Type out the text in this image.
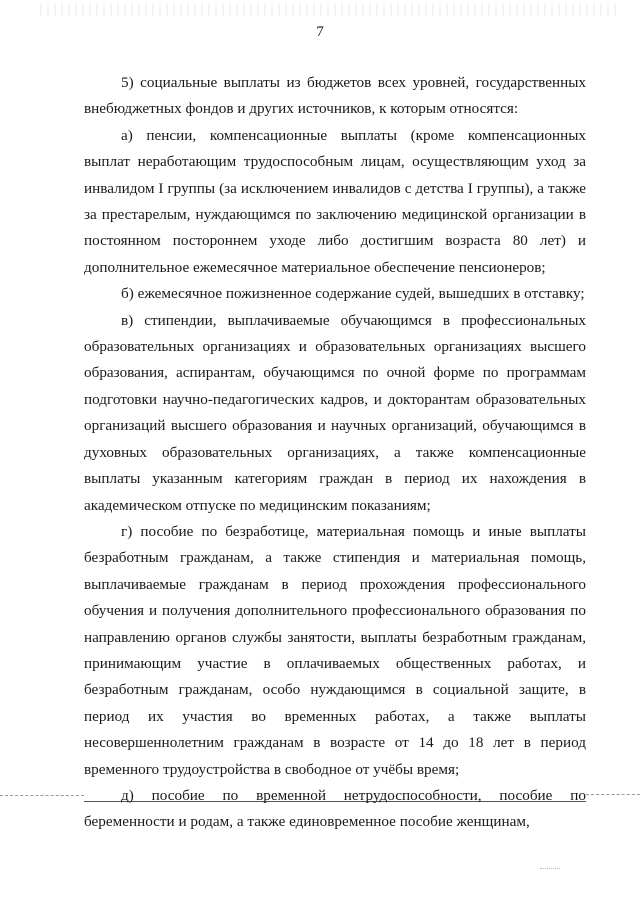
7

5) социальные выплаты из бюджетов всех уровней, государственных внебюджетных фондов и других источников, к которым относятся:

а) пенсии, компенсационные выплаты (кроме компенсационных выплат неработающим трудоспособным лицам, осуществляющим уход за инвалидом I группы (за исключением инвалидов с детства I группы), а также за престарелым, нуждающимся по заключению медицинской организации в постоянном постороннем уходе либо достигшим возраста 80 лет) и дополнительное ежемесячное материальное обеспечение пенсионеров;

б) ежемесячное пожизненное содержание судей, вышедших в отставку;

в) стипендии, выплачиваемые обучающимся в профессиональных образовательных организациях и образовательных организациях высшего образования, аспирантам, обучающимся по очной форме по программам подготовки научно-педагогических кадров, и докторантам образовательных организаций высшего образования и научных организаций, обучающимся в духовных образовательных организациях, а также компенсационные выплаты указанным категориям граждан в период их нахождения в академическом отпуске по медицинским показаниям;

г) пособие по безработице, материальная помощь и иные выплаты безработным гражданам, а также стипендия и материальная помощь, выплачиваемые гражданам в период прохождения профессионального обучения и получения дополнительного профессионального образования по направлению органов службы занятости, выплаты безработным гражданам, принимающим участие в оплачиваемых общественных работах, и безработным гражданам, особо нуждающимся в социальной защите, в период их участия во временных работах, а также выплаты несовершеннолетним гражданам в возрасте от 14 до 18 лет в период временного трудоустройства в свободное от учёбы время;

д) пособие по временной нетрудоспособности, пособие по беременности и родам, а также единовременное пособие женщинам,
